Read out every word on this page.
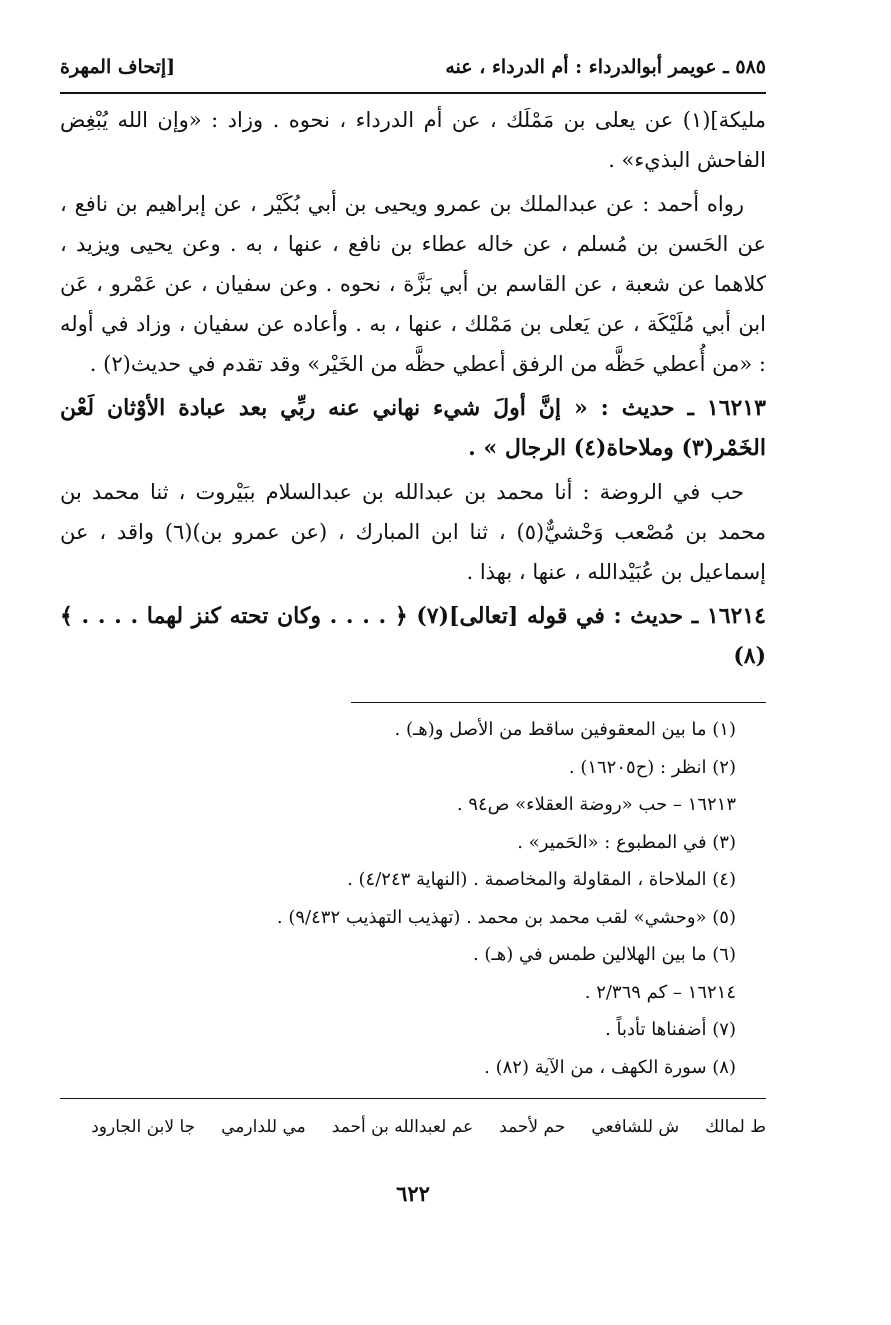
٥٨٥ ـ عويمر أبوالدرداء : أم الدرداء ، عنه
[إتحاف المهرة

مليكة](١) عن يعلى بن مَمْلَك ، عن أم الدرداء ، نحوه . وزاد : «وإن الله يُبْغِض الفاحش البذيء» .

رواه أحمد : عن عبدالملك بن عمرو ويحيى بن أبي بُكَيْر ، عن إبراهيم بن نافع ، عن الحَسن بن مُسلم ، عن خاله عطاء بن نافع ، عنها ، به . وعن يحيى ويزيد ، كلاهما عن شعبة ، عن القاسم بن أبي بَزَّة ، نحوه . وعن سفيان ، عن عَمْرو ، عَن ابن أبي مُلَيْكَة ، عن يَعلى بن مَمْلك ، عنها ، به . وأعاده عن سفيان ، وزاد في أوله : «من أُعطي حَظَّه من الرفق أعطي حظَّه من الخَيْر» وقد تقدم في حديث(٢) .

١٦٢١٣ ـ حديث : « إنَّ أولَ شيء نهاني عنه ربِّي بعد عبادة الأوْثان لَعْن الخَمْر(٣) وملاحاة(٤) الرجال » .

حب في الروضة : أنا محمد بن عبدالله بن عبدالسلام ببَيْروت ، ثنا محمد بن محمد بن مُصْعب وَحْشيٌّ(٥) ، ثنا ابن المبارك ، (عن عمرو بن)(٦) واقد ، عن إسماعيل بن عُبَيْدالله ، عنها ، بهذا .

١٦٢١٤ ـ حديث : في قوله [تعالى](٧) ﴿ . . . . وكان تحته كنز لهما . . . . ﴾(٨)

(١) ما بين المعقوفين ساقط من الأصل و(هـ) .
(٢) انظر : (ح١٦٢٠٥) .
١٦٢١٣ – حب «روضة العقلاء» ص٩٤ .
(٣) في المطبوع : «الحَمير» .
(٤) الملاحاة ، المقاولة والمخاصمة . (النهاية ٤/٢٤٣) .
(٥) «وحشي» لقب محمد بن محمد . (تهذيب التهذيب ٩/٤٣٢) .
(٦) ما بين الهلالين طمس في (هـ) .
١٦٢١٤ – كم ٢/٣٦٩ .
(٧) أضفناها تأدباً .
(٨) سورة الكهف ، من الآية (٨٢) .
ط لمالك
ش للشافعي
حم لأحمد
عم لعبدالله بن أحمد
مي للدارمي
جا لابن الجارود
٦٢٢
